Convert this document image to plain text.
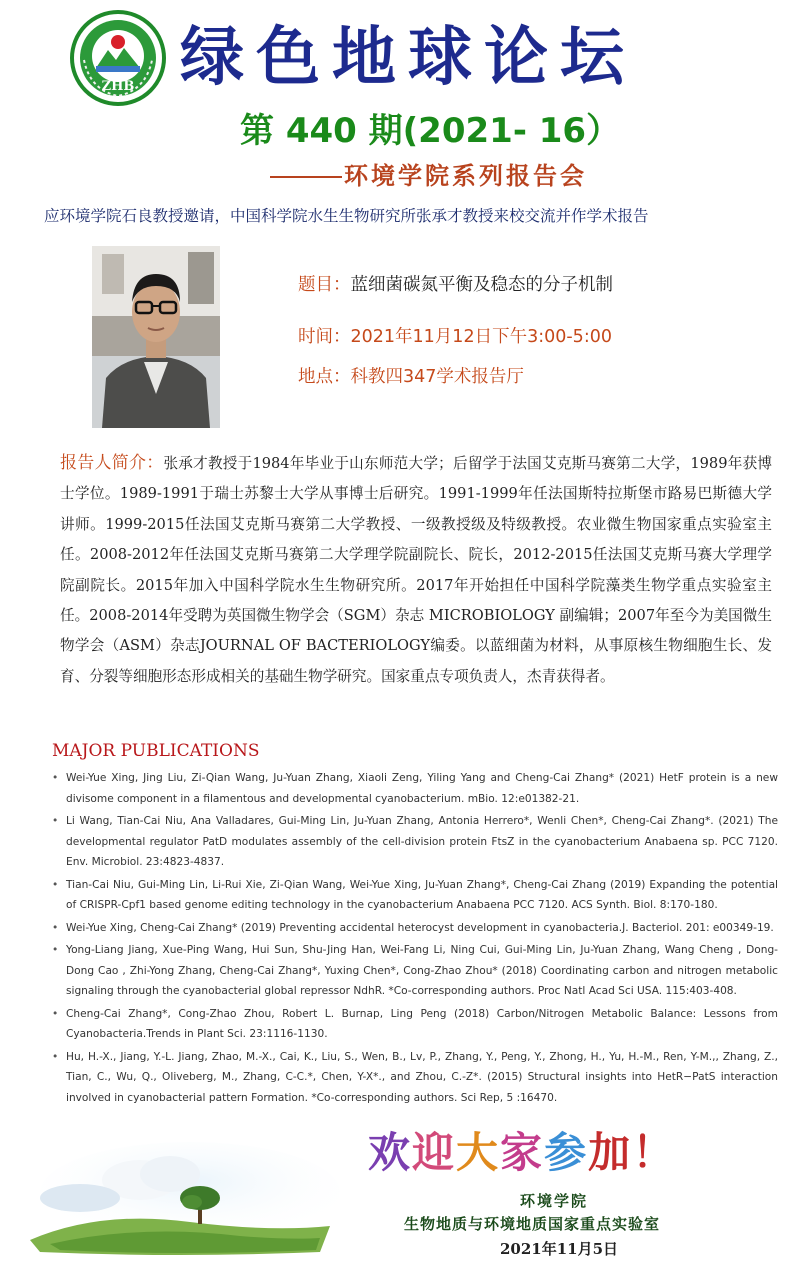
ZHB 绿色地球论坛
第 440 期(2021- 16）
环境学院系列报告会
应环境学院石良教授邀请，中国科学院水生生物研究所张承才教授来校交流并作学术报告
题目：蓝细菌碳氮平衡及稳态的分子机制
时间：2021年11月12日下午3:00-5:00
地点：科教四347学术报告厅
报告人简介：张承才教授于1984年毕业于山东师范大学；后留学于法国艾克斯马赛第二大学，1989年获博士学位。1989-1991于瑞士苏黎士大学从事博士后研究。1991-1999年任法国斯特拉斯堡市路易巴斯德大学讲师。1999-2015任法国艾克斯马赛第二大学教授、一级教授级及特级教授。农业微生物国家重点实验室主任。2008-2012年任法国艾克斯马赛第二大学理学院副院长、院长，2012-2015任法国艾克斯马赛大学理学院副院长。2015年加入中国科学院水生生物研究所。2017年开始担任中国科学院藻类生物学重点实验室主任。2008-2014年受聘为英国微生物学会（SGM）杂志 MICROBIOLOGY 副编辑；2007年至今为美国微生物学会（ASM）杂志JOURNAL OF BACTERIOLOGY编委。以蓝细菌为材料，从事原核生物细胞生长、发育、分裂等细胞形态形成相关的基础生物学研究。国家重点专项负责人，杰青获得者。
MAJOR PUBLICATIONS
• Wei-Yue Xing, Jing Liu, Zi-Qian Wang, Ju-Yuan Zhang, Xiaoli Zeng, Yiling Yang and Cheng-Cai Zhang* (2021) HetF protein is a new divisome component in a filamentous and developmental cyanobacterium. mBio. 12:e01382-21.
• Li Wang, Tian-Cai Niu, Ana Valladares, Gui-Ming Lin, Ju-Yuan Zhang, Antonia Herrero*, Wenli Chen*, Cheng-Cai Zhang*. (2021) The developmental regulator PatD modulates assembly of the cell-division protein FtsZ in the cyanobacterium Anabaena sp. PCC 7120. Env. Microbiol. 23:4823-4837.
• Tian-Cai Niu, Gui-Ming Lin, Li-Rui Xie, Zi-Qian Wang, Wei-Yue Xing, Ju-Yuan Zhang*, Cheng-Cai Zhang (2019) Expanding the potential of CRISPR-Cpf1 based genome editing technology in the cyanobacterium Anabaena PCC 7120. ACS Synth. Biol. 8:170-180.
• Wei-Yue Xing, Cheng-Cai Zhang* (2019) Preventing accidental heterocyst development in cyanobacteria.J. Bacteriol. 201: e00349-19.
• Yong-Liang Jiang, Xue-Ping Wang, Hui Sun, Shu-Jing Han, Wei-Fang Li, Ning Cui, Gui-Ming Lin, Ju-Yuan Zhang, Wang Cheng , Dong-Dong Cao , Zhi-Yong Zhang, Cheng-Cai Zhang*, Yuxing Chen*, Cong-Zhao Zhou* (2018) Coordinating carbon and nitrogen metabolic signaling through the cyanobacterial global repressor NdhR. *Co-corresponding authors. Proc Natl Acad Sci USA. 115:403-408.
• Cheng-Cai Zhang*, Cong-Zhao Zhou, Robert L. Burnap, Ling Peng (2018) Carbon/Nitrogen Metabolic Balance: Lessons from Cyanobacteria.Trends in Plant Sci. 23:1116-1130.
• Hu, H.-X., Jiang, Y.-L. Jiang, Zhao, M.-X., Cai, K., Liu, S., Wen, B., Lv, P., Zhang, Y., Peng, Y., Zhong, H., Yu, H.-M., Ren, Y-M.,, Zhang, Z., Tian, C., Wu, Q., Oliveberg, M., Zhang, C-C.*, Chen, Y-X*., and Zhou, C.-Z*. (2015) Structural insights into HetR−PatS interaction involved in cyanobacterial pattern Formation. *Co-corresponding authors. Sci Rep, 5 :16470.
欢迎大家参加！
环境学院
生物地质与环境地质国家重点实验室
2021年11月5日
